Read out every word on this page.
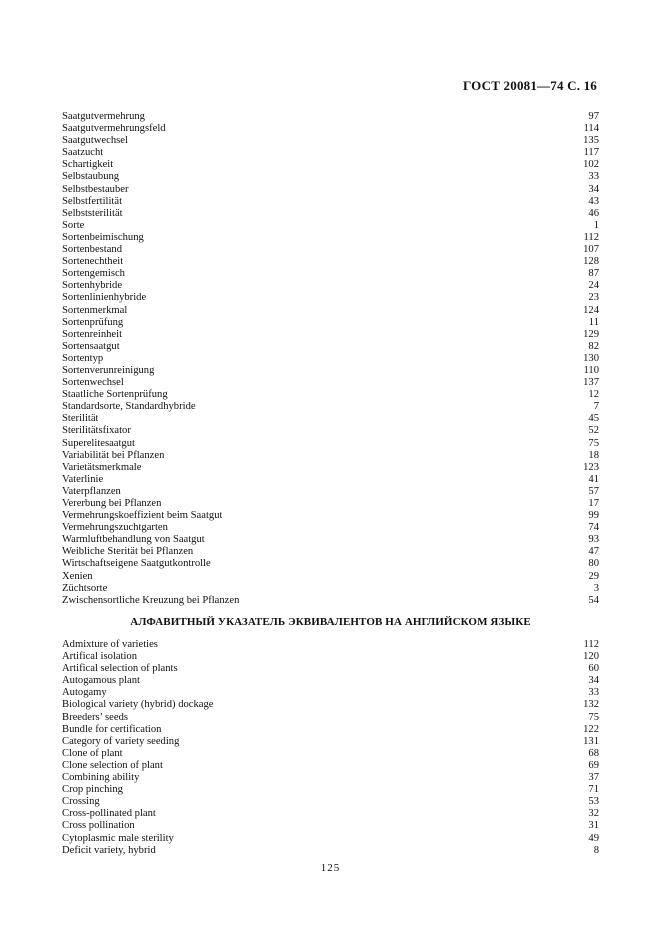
ГОСТ 20081—74 С. 16
Saatgutvermehrung	97
Saatgutvermehrungsfeld	114
Saatgutwechsel	135
Saatzucht	117
Schartigkeit	102
Selbstaubung	33
Selbstbestauber	34
Selbstfertilität	43
Selbststerilität	46
Sorte	1
Sortenbeimischung	112
Sortenbestand	107
Sortenechtheit	128
Sortengemisch	87
Sortenhybride	24
Sortenlinienhybride	23
Sortenmerkmal	124
Sortenprüfung	11
Sortenreinheit	129
Sortensaatgut	82
Sortentyp	130
Sortenverunreinigung	110
Sortenwechsel	137
Staatliche Sortenprüfung	12
Standardsorte, Standardhybride	7
Sterilität	45
Sterilitätsfixator	52
Superelitesaatgut	75
Variabilität bei Pflanzen	18
Varietätsmerkmale	123
Vaterlinie	41
Vaterpflanzen	57
Vererbung bei Pflanzen	17
Vermehrungskoeffizient beim Saatgut	99
Vermehrungszuchtgarten	74
Warmluftbehandlung von Saatgut	93
Weibliche Sterität bei Pflanzen	47
Wirtschaftseigene Saatgutkontrolle	80
Xenien	29
Züchtsorte	3
Zwischensortliche Kreuzung bei Pflanzen	54
АЛФАВИТНЫЙ УКАЗАТЕЛЬ ЭКВИВАЛЕНТОВ НА АНГЛИЙСКОМ ЯЗЫКЕ
Admixture of varieties	112
Artifical isolation	120
Artifical selection of plants	60
Autogamous plant	34
Autogamy	33
Biological variety (hybrid) dockage	132
Breeders’ seeds	75
Bundle for certification	122
Category of variety seeding	131
Clone of plant	68
Clone selection of plant	69
Combining ability	37
Crop pinching	71
Crossing	53
Cross-pollinated plant	32
Cross pollination	31
Cytoplasmic male sterility	49
Deficit variety, hybrid	8
125
